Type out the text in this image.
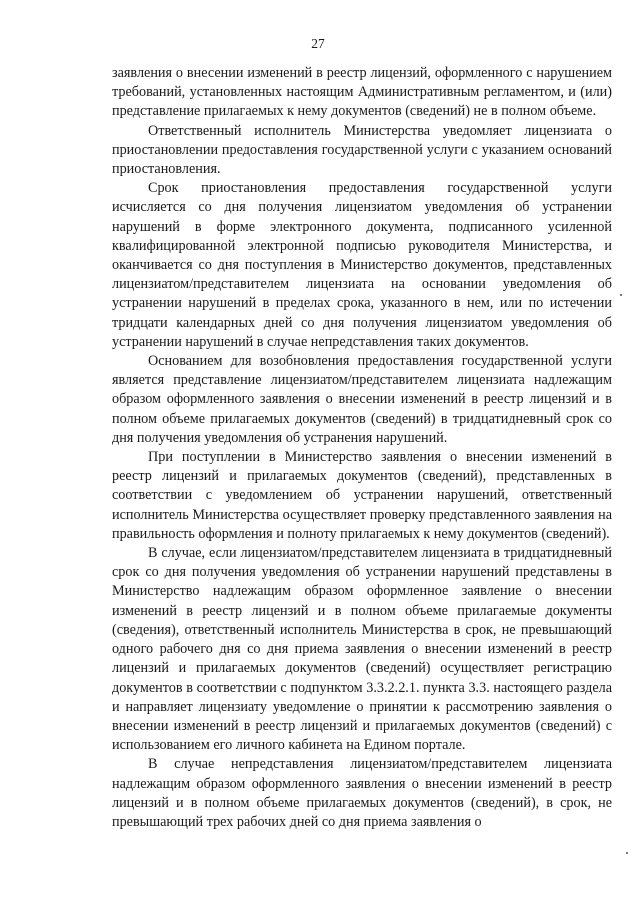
27

заявления о внесении изменений в реестр лицензий, оформленного с нарушением требований, установленных настоящим Административным регламентом, и (или) представление прилагаемых к нему документов (сведений) не в полном объеме.

Ответственный исполнитель Министерства уведомляет лицензиата о приостановлении предоставления государственной услуги с указанием оснований приостановления.

Срок приостановления предоставления государственной услуги исчисляется со дня получения лицензиатом уведомления об устранении нарушений в форме электронного документа, подписанного усиленной квалифицированной электронной подписью руководителя Министерства, и оканчивается со дня поступления в Министерство документов, представленных лицензиатом/представителем лицензиата на основании уведомления об устранении нарушений в пределах срока, указанного в нем, или по истечении тридцати календарных дней со дня получения лицензиатом уведомления об устранении нарушений в случае непредставления таких документов.

Основанием для возобновления предоставления государственной услуги является представление лицензиатом/представителем лицензиата надлежащим образом оформленного заявления о внесении изменений в реестр лицензий и в полном объеме прилагаемых документов (сведений) в тридцатидневный срок со дня получения уведомления об устранения нарушений.

При поступлении в Министерство заявления о внесении изменений в реестр лицензий и прилагаемых документов (сведений), представленных в соответствии с уведомлением об устранении нарушений, ответственный исполнитель Министерства осуществляет проверку представленного заявления на правильность оформления и полноту прилагаемых к нему документов (сведений).

В случае, если лицензиатом/представителем лицензиата в тридцатидневный срок со дня получения уведомления об устранении нарушений представлены в Министерство надлежащим образом оформленное заявление о внесении изменений в реестр лицензий и в полном объеме прилагаемые документы (сведения), ответственный исполнитель Министерства в срок, не превышающий одного рабочего дня со дня приема заявления о внесении изменений в реестр лицензий и прилагаемых документов (сведений) осуществляет регистрацию документов в соответствии с подпунктом 3.3.2.2.1. пункта 3.3. настоящего раздела и направляет лицензиату уведомление о принятии к рассмотрению заявления о внесении изменений в реестр лицензий и прилагаемых документов (сведений) с использованием его личного кабинета на Едином портале.

В случае непредставления лицензиатом/представителем лицензиата надлежащим образом оформленного заявления о внесении изменений в реестр лицензий и в полном объеме прилагаемых документов (сведений), в срок, не превышающий трех рабочих дней со дня приема заявления о
